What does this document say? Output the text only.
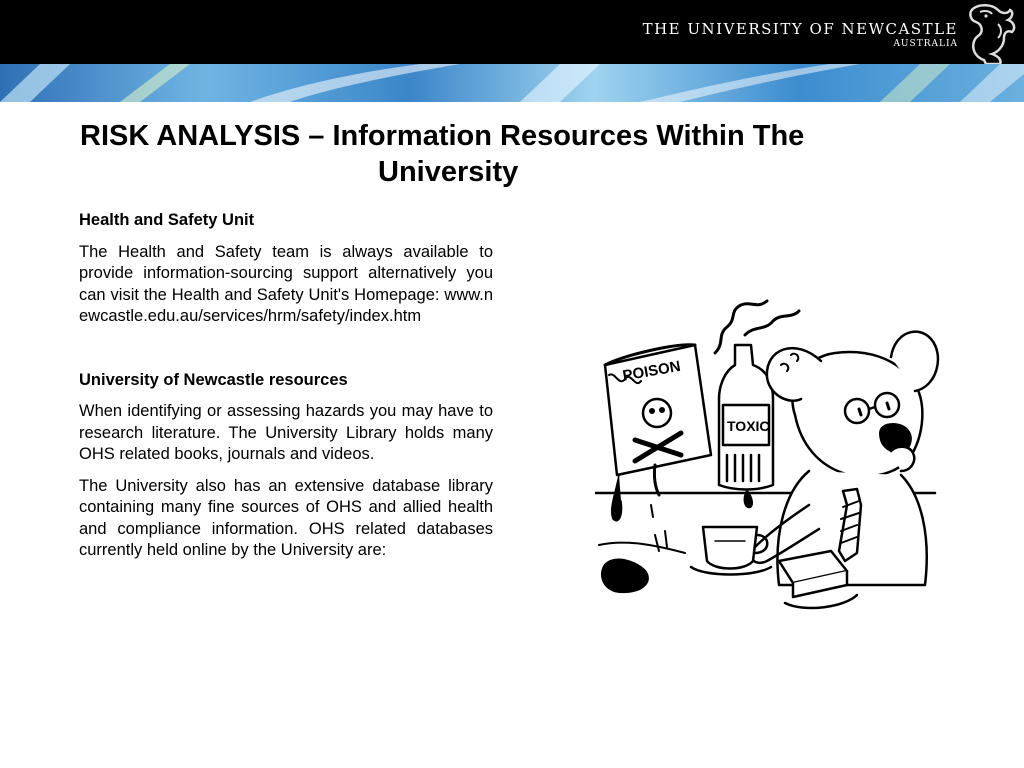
THE UNIVERSITY OF NEWCASTLE
AUSTRALIA
RISK ANALYSIS – Information Resources Within The
University
Health and Safety Unit

The Health and Safety team is always available to provide information-sourcing support alternatively you can visit the Health and Safety Unit's Homepage: www.newcastle.edu.au/services/hrm/safety/index.htm

University of Newcastle resources

When identifying or assessing hazards you may have to research literature. The University Library holds many OHS related books, journals and videos.

The University also has an extensive database library containing many fine sources of OHS and allied health and compliance information. OHS related databases currently held online by the University are:

POISON
TOXIC
